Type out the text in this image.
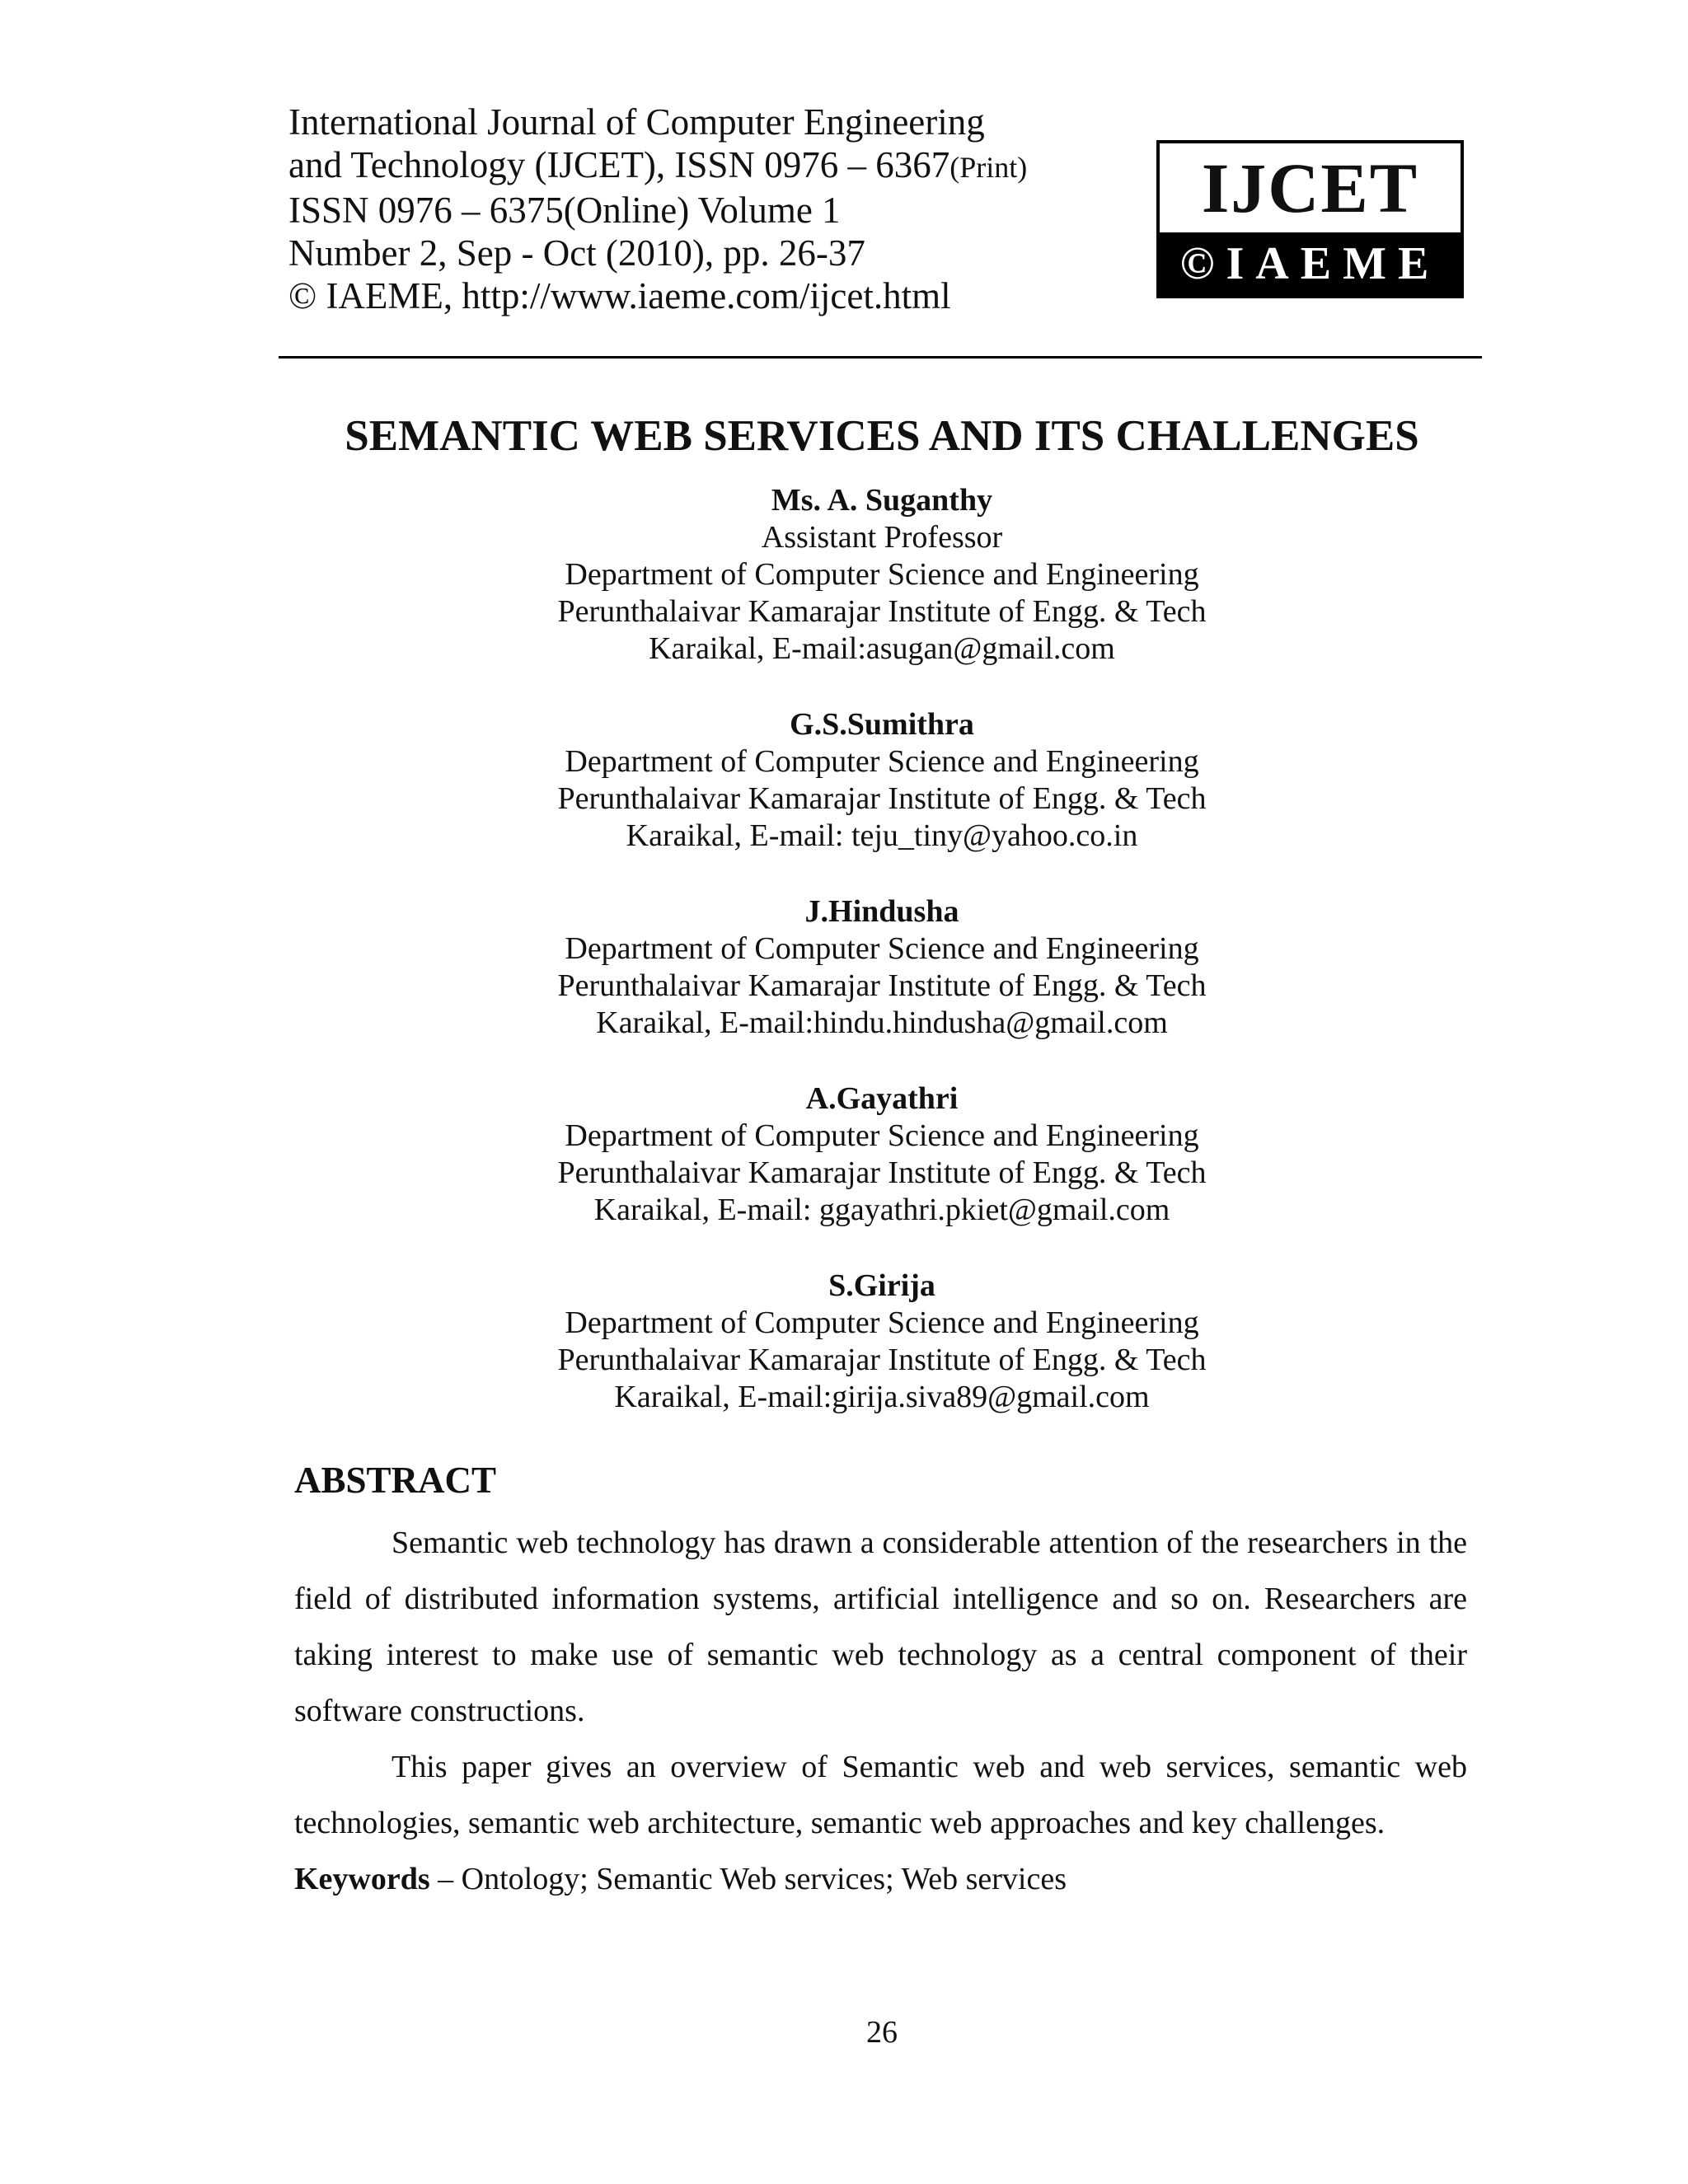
International Journal of Computer Engineering
and Technology (IJCET), ISSN 0976 – 6367(Print)
ISSN 0976 – 6375(Online) Volume 1
Number 2, Sep - Oct (2010), pp. 26-37
© IAEME, http://www.iaeme.com/ijcet.html
IJCET
©IAEME
SEMANTIC WEB SERVICES AND ITS CHALLENGES
Ms. A. Suganthy
Assistant Professor
Department of Computer Science and Engineering
Perunthalaivar Kamarajar Institute of Engg. & Tech
Karaikal, E-mail:asugan@gmail.com
G.S.Sumithra
Department of Computer Science and Engineering
Perunthalaivar Kamarajar Institute of Engg. & Tech
Karaikal, E-mail: teju_tiny@yahoo.co.in
J.Hindusha
Department of Computer Science and Engineering
Perunthalaivar Kamarajar Institute of Engg. & Tech
Karaikal, E-mail:hindu.hindusha@gmail.com
A.Gayathri
Department of Computer Science and Engineering
Perunthalaivar Kamarajar Institute of Engg. & Tech
Karaikal, E-mail: ggayathri.pkiet@gmail.com
S.Girija
Department of Computer Science and Engineering
Perunthalaivar Kamarajar Institute of Engg. & Tech
Karaikal, E-mail:girija.siva89@gmail.com
ABSTRACT

Semantic web technology has drawn a considerable attention of the researchers in the field of distributed information systems, artificial intelligence and so on. Researchers are taking interest to make use of semantic web technology as a central component of their software constructions.

This paper gives an overview of Semantic web and web services, semantic web technologies, semantic web architecture, semantic web approaches and key challenges.

Keywords – Ontology; Semantic Web services; Web services
26
